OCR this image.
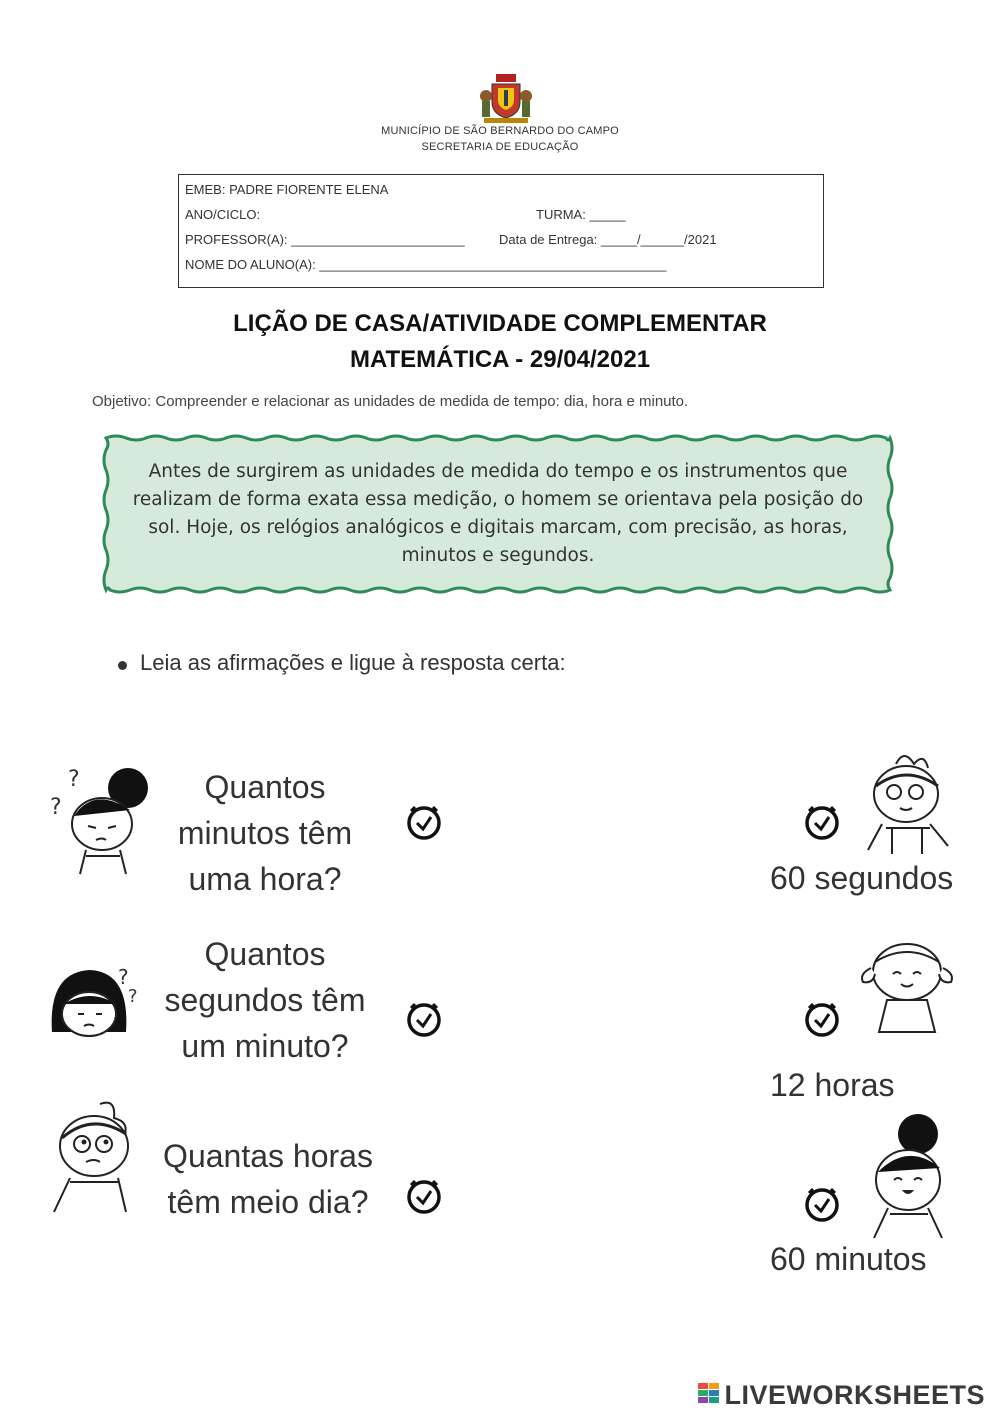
MUNICÍPIO DE SÃO BERNARDO DO CAMPO
SECRETARIA DE EDUCAÇÃO
EMEB: PADRE FIORENTE ELENA
ANO/CICLO:	TURMA: _____
PROFESSOR(A): ________________________	Data de Entrega: _____/______/2021
NOME DO ALUNO(A): ________________________________________________
LIÇÃO DE CASA/ATIVIDADE COMPLEMENTAR
MATEMÁTICA - 29/04/2021
Objetivo: Compreender e relacionar as unidades de medida de tempo: dia, hora e minuto.
Antes de surgirem as unidades de medida do tempo e os instrumentos que realizam de forma exata essa medição, o homem se orientava pela posição do sol. Hoje, os relógios analógicos e digitais marcam, com precisão, as horas, minutos e segundos.
Leia as afirmações e ligue à resposta certa:
?
?
?
?
Quantos
minutos têm
uma hora?
Quantos
segundos têm
um minuto?
Quantas horas
têm meio dia?
60 segundos
12 horas
60 minutos
LIVEWORKSHEETS
